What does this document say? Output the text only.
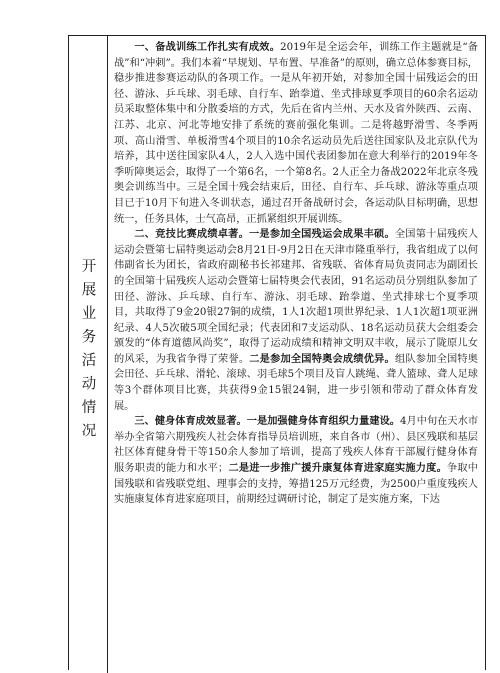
开展业务活动情况

一、备战训练工作扎实有成效。2019年是全运会年，训练工作主题就是“备战”和“冲刺”。我们本着“早规划、早布置、早准备”的原则，确立总体参赛目标，稳步推进参赛运动队的各项工作。一是从年初开始，对参加全国十届残运会的田径、游泳、乒乓球、羽毛球、自行车、跆拳道、坐式排球夏季项目的60余名运动员采取整体集中和分散委培的方式，先后在省内兰州、天水及省外陕西、云南、江苏、北京、河北等地安排了系统的赛前强化集训。二是将越野滑雪、冬季两项、高山滑雪、单板滑雪4个项目的10余名运动员先后送往国家队及北京队代为培养，其中送往国家队4人，2人入选中国代表团参加在意大利举行的2019年冬季听障奥运会，取得了一个第6名，一个第8名。2人正全力备战2022年北京冬残奥会训练当中。三是全国十残会结束后，田径、自行车、乒乓球、游泳等重点项目已于10月下旬进入冬训状态，通过召开备战研讨会，各运动队目标明确，思想统一，任务具体，士气高昂，正抓紧组织开展训练。

二、竞技比赛成绩卓著。一是参加全国残运会成果丰硕。全国第十届残疾人运动会暨第七届特奥运动会8月21日-9月2日在天津市隆重举行，我省组成了以何伟副省长为团长，省政府副秘书长祁建邦、省残联、省体育局负责同志为副团长的全国第十届残疾人运动会暨第七届特奥会代表团，91名运动员分别组队参加了田径、游泳、乒乓球、自行车、游泳、羽毛球、跆拳道、坐式排球七个夏季项目，共取得了9金20银27铜的成绩，1人1次超1项世界纪录、1人1次超1项亚洲纪录、4人5次破5项全国纪录；代表团和7支运动队、18名运动员获大会组委会颁发的“体育道德风尚奖”，取得了运动成绩和精神文明双丰收，展示了陇原儿女的风采，为我省争得了荣誉。二是参加全国特奥会成绩优异。组队参加全国特奥会田径、乒乓球、滑轮、滚球、羽毛球5个项目及盲人跳绳、聋人篮球、聋人足球等3个群体项目比赛，共获得9金15银24铜，进一步引领和带动了群众体育发展。

三、健身体育成效显著。一是加强健身体育组织力量建设。4月中旬在天水市举办全省第六期残疾人社会体育指导员培训班，来自各市（州）、县区残联和基层社区体育健身骨干等150余人参加了培训，提高了残疾人体育干部履行健身体育服务职责的能力和水平；二是进一步推广援升康复体育进家庭实施力度。争取中国残联和省残联党组、理事会的支持，筹措125万元经费，为2500户重度残疾人实施康复体育进家庭项目，前期经过调研讨论，制定了是实施方案，下达
